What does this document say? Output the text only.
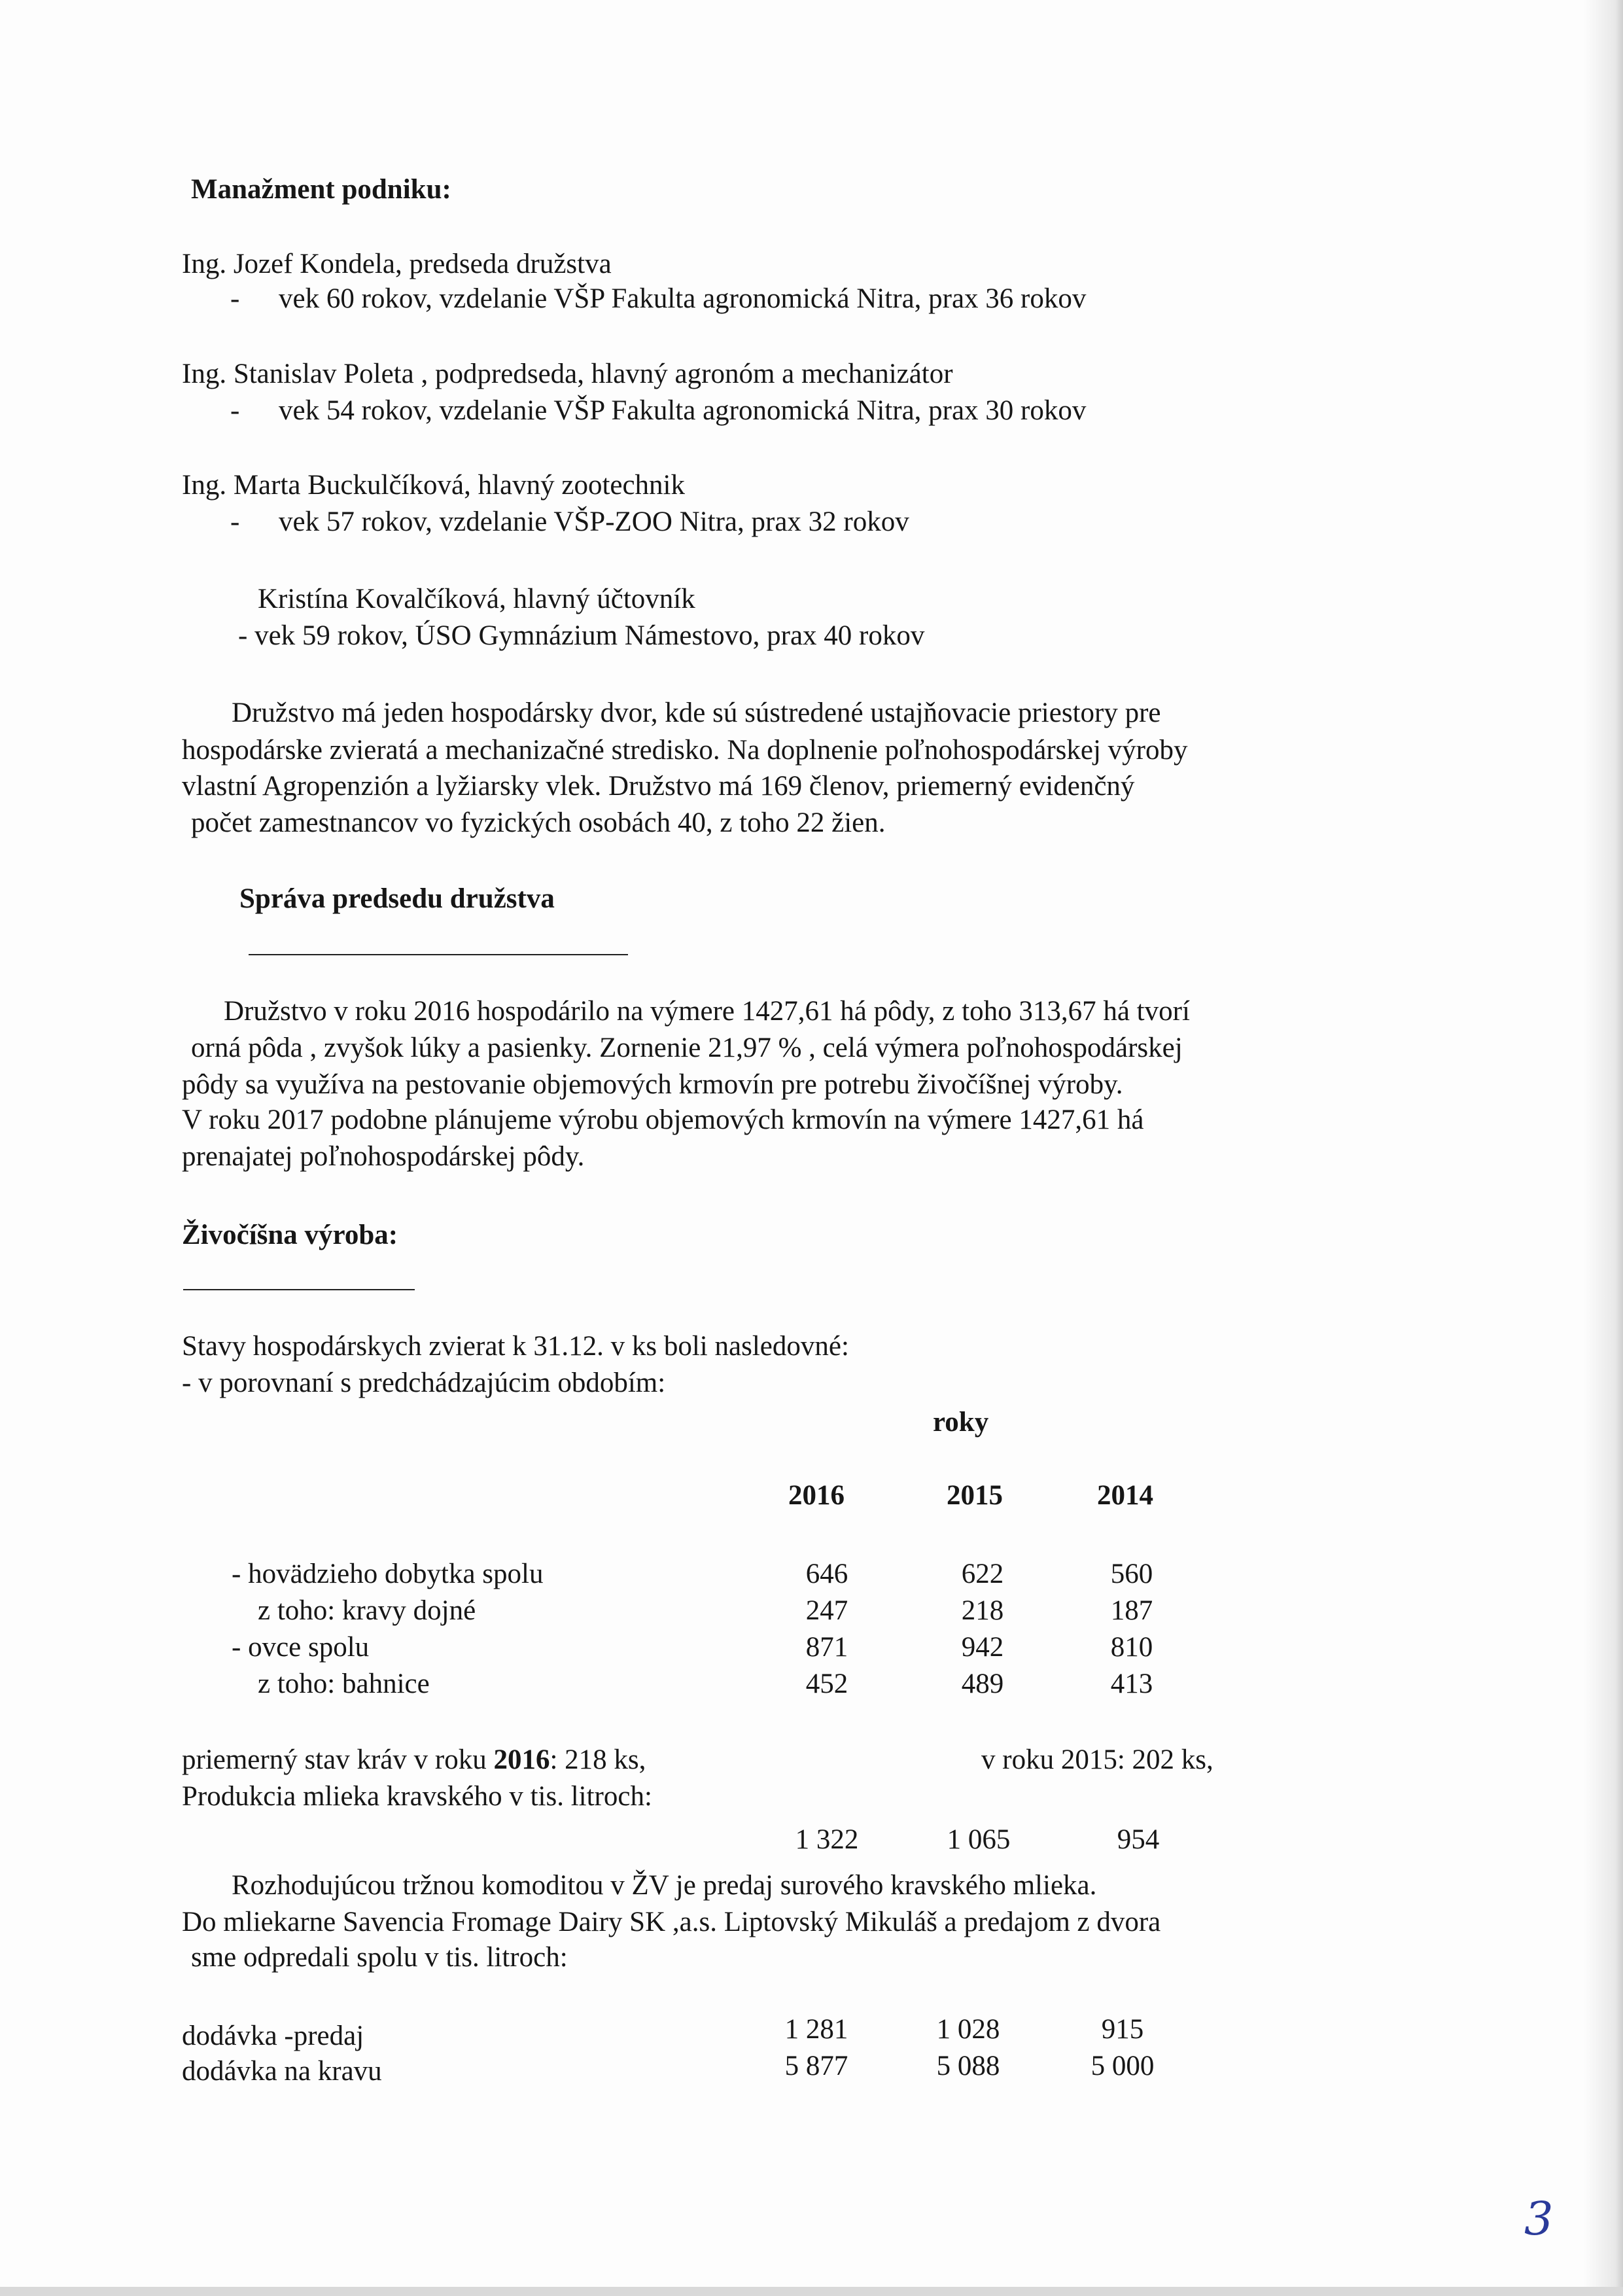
Manažment podniku:
Ing. Jozef Kondela, predseda družstva
- vek 60 rokov, vzdelanie VŠP Fakulta agronomická Nitra, prax 36 rokov
Ing. Stanislav Poleta , podpredseda, hlavný agronóm a mechanizátor
- vek 54 rokov, vzdelanie VŠP Fakulta agronomická Nitra, prax 30 rokov
Ing. Marta Buckulčíková, hlavný zootechnik
- vek 57 rokov, vzdelanie VŠP-ZOO Nitra, prax 32 rokov
Kristína Kovalčíková, hlavný účtovník
- vek 59 rokov, ÚSO Gymnázium Námestovo, prax 40 rokov
Družstvo má jeden hospodársky dvor, kde sú sústredené ustajňovacie priestory pre
hospodárske zvieratá a mechanizačné stredisko. Na doplnenie poľnohospodárskej výroby
vlastní Agropenzión a lyžiarsky vlek. Družstvo má 169 členov, priemerný evidenčný
počet zamestnancov vo fyzických osobách 40, z toho 22 žien.
Správa predsedu družstva
Družstvo v roku 2016 hospodárilo na výmere 1427,61 há pôdy, z toho 313,67 há tvorí
orná pôda , zvyšok lúky a pasienky. Zornenie 21,97 % , celá výmera poľnohospodárskej
pôdy sa využíva na pestovanie objemových krmovín pre potrebu živočíšnej výroby.
V roku 2017 podobne plánujeme výrobu objemových krmovín na výmere 1427,61 há
prenajatej poľnohospodárskej pôdy.
Živočíšna výroba:
Stavy hospodárskych zvierat k 31.12. v ks boli nasledovné:
- v porovnaní s predchádzajúcim obdobím:
roky
2016	2015	2014
- hovädzieho dobytka spolu	646	622	560
z toho: kravy dojné	247	218	187
- ovce spolu	871	942	810
z toho: bahnice	452	489	413
priemerný stav kráv v roku 2016: 218 ks,	v roku 2015: 202 ks,
Produkcia mlieka kravského v tis. litroch:
1 322	1 065	954
Rozhodujúcou tržnou komoditou v ŽV je predaj surového kravského mlieka.
Do mliekarne Savencia Fromage Dairy SK ,a.s. Liptovský Mikuláš a predajom z dvora
sme odpredali spolu v tis. litroch:
dodávka -predaj	1 281	1 028	915
dodávka na kravu	5 877	5 088	5 000
3
